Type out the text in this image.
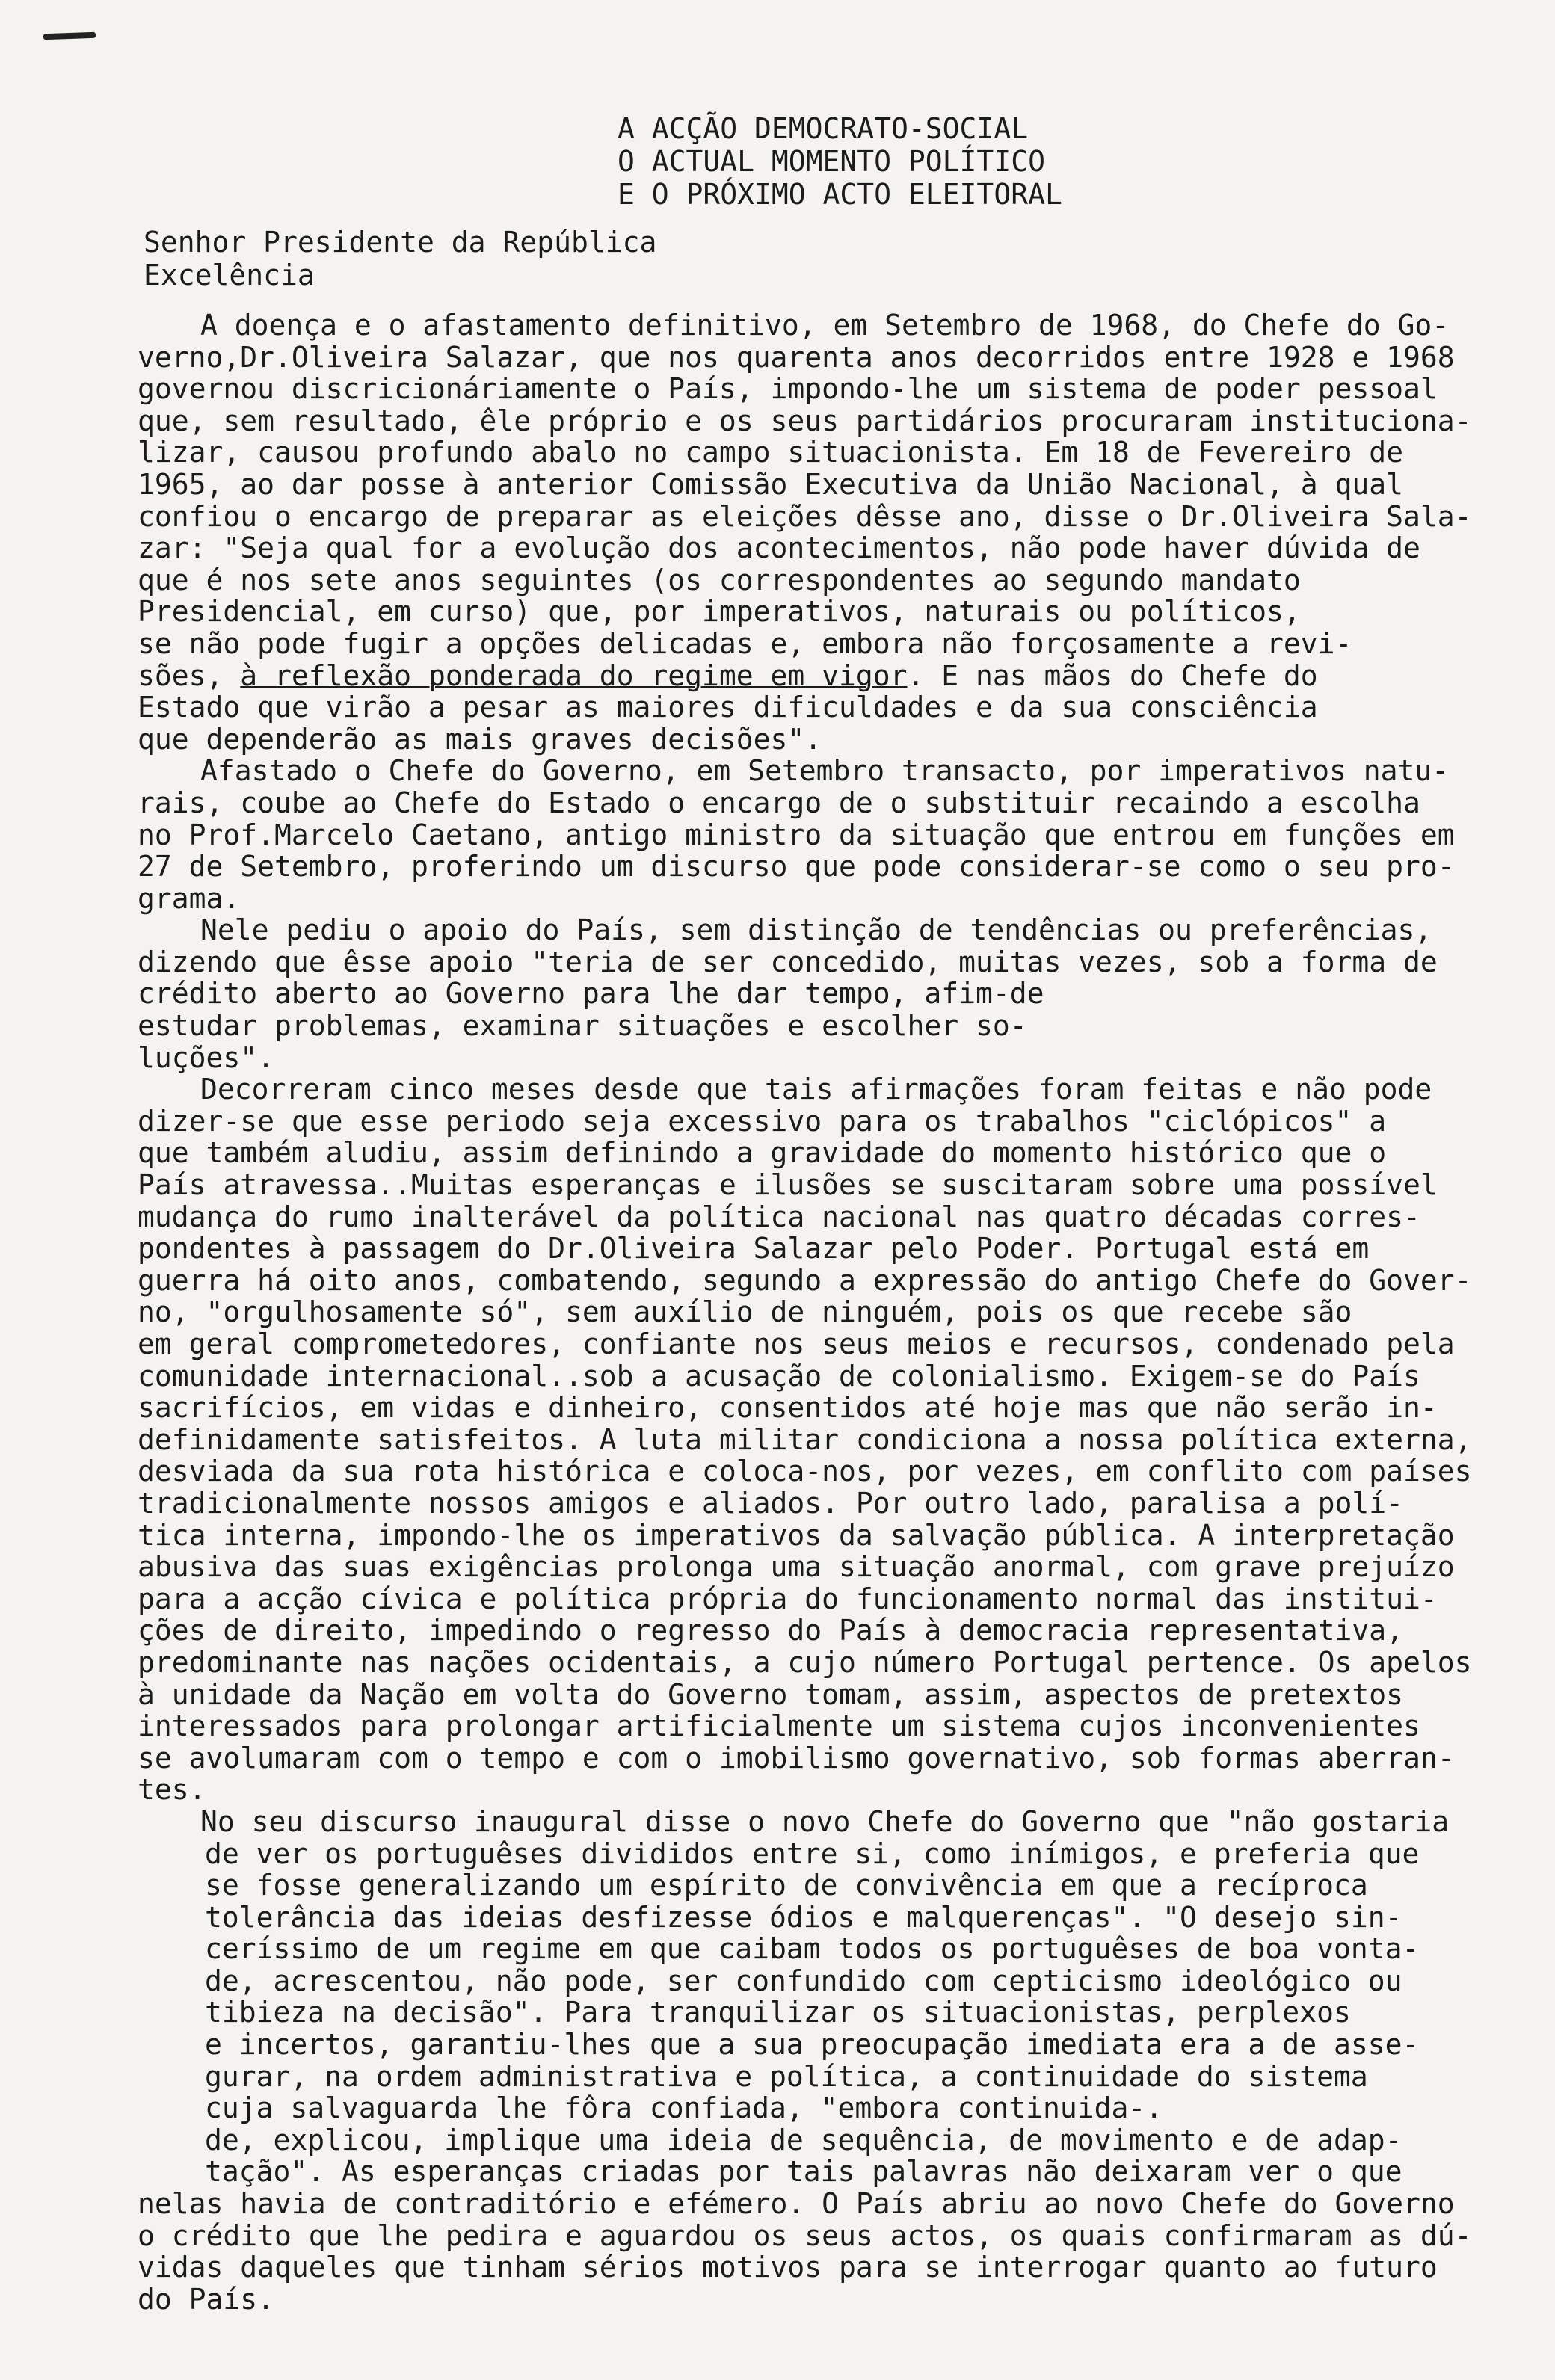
A ACÇÃO DEMOCRATO-SOCIAL
O ACTUAL MOMENTO POLÍTICO
E O PRÓXIMO ACTO ELEITORAL
Senhor Presidente da República
Excelência

A doença e o afastamento definitivo, em Setembro de 1968, do Chefe do Go-

verno,Dr.Oliveira Salazar, que nos quarenta anos decorridos entre 1928 e 1968

governou discricionáriamente o País, impondo-lhe um sistema de poder pessoal

que, sem resultado, êle próprio e os seus partidários procuraram institucionа-

lizar, causou profundo abalo no campo situacionista. Em 18 de Fevereiro de

1965, ao dar posse à anterior Comissão Executiva da União Nacional, à qual

confiou o encargo de preparar as eleições dêsse ano, disse o Dr.Oliveira Sala-

zar: "Seja qual for a evolução dos acontecimentos, não pode haver dúvida de

que é nos sete anos seguintes (os correspondentes ao segundo mandato

Presidencial, em curso) que, por imperativos, naturais ou políticos,

se não pode fugir a opções delicadas e, embora não forçosamente a revi-

sões, à reflexão ponderada do regime em vigor. E nas mãos do Chefe do

Estado que virão a pesar as maiores dificuldades e da sua consciência

que dependerão as mais graves decisões".

Afastado o Chefe do Governo, em Setembro transacto, por imperativos natu-

rais, coube ao Chefe do Estado o encargo de o substituir recaindo a escolha

no Prof.Marcelo Caetano, antigo ministro da situação que entrou em funções em

27 de Setembro, proferindo um discurso que pode considerar-se como o seu pro-

grama.

Nele pediu o apoio do País, sem distinção de tendências ou preferências,

dizendo que êsse apoio "teria de ser concedido, muitas vezes, sob a forma de

crédito aberto ao Governo para lhe dar tempo, afim-de

estudar problemas, examinar situações e escolher so-

luções".

Decorreram cinco meses desde que tais afirmações foram feitas e não pode

dizer-se que esse periodo seja excessivo para os trabalhos "ciclópicos" a

que também aludiu, assim definindo a gravidade do momento histórico que o

País atravessa..Muitas esperanças e ilusões se suscitaram sobre uma possível

mudança do rumo inalterável da política nacional nas quatro décadas corres-

pondentes à passagem do Dr.Oliveira Salazar pelo Poder. Portugal está em

guerra há oito anos, combatendo, segundo a expressão do antigo Chefe do Gover-

no, "orgulhosamente só", sem auxílio de ninguém, pois os que recebe são

em geral comprometedores, confiante nos seus meios e recursos, condenado pela

comunidade internacional..sob a acusação de colonialismo. Exigem-se do País

sacrifícios, em vidas e dinheiro, consentidos até hoje mas que não serão in-

definidamente satisfeitos. A luta militar condiciona a nossa política externa,

desviada da sua rota histórica e coloca-nos, por vezes, em conflito com países

tradicionalmente nossos amigos e aliados. Por outro lado, paralisa a polí-

tica interna, impondo-lhe os imperativos da salvação pública. A interpretação

abusiva das suas exigências prolonga uma situação anormal, com grave prejuízo

para a acção cívica e política própria do funcionamento normal das institui-

ções de direito, impedindo o regresso do País à democracia representativa,

predominante nas nações ocidentais, a cujo número Portugal pertence. Os apelos

à unidade da Nação em volta do Governo tomam, assim, aspectos de pretextos

interessados para prolongar artificialmente um sistema cujos inconvenientes

se avolumaram com o tempo e com o imobilismo governativo, sob formas aberran-

tes.

No seu discurso inaugural disse o novo Chefe do Governo que "não gostaria

de ver os portuguêses divididos entre si, como inímigos, e preferia que

se fosse generalizando um espírito de convivência em que a recíproca

tolerância das ideias desfizesse ódios e malquerenças". "O desejo sin-

ceríssimo de um regime em que caibam todos os portuguêses de boa vonta-

de, acrescentou, não pode, ser confundido com cepticismo ideológico ou

tibieza na decisão". Para tranquilizar os situacionistas, perplexos

e incertos, garantiu-lhes que a sua preocupação imediata era a de asse-

gurar, na ordem administrativa e política, a continuidade do sistema

cuja salvaguarda lhe fôra confiada, "embora continuida-.

de, explicou, implique uma ideia de sequência, de movimento e de adap-

tação". As esperanças criadas por tais palavras não deixaram ver o que

nelas havia de contraditório e efémero. O País abriu ao novo Chefe do Governo

o crédito que lhe pedira e aguardou os seus actos, os quais confirmaram as dú-

vidas daqueles que tinham sérios motivos para se interrogar quanto ao futuro

do País.
